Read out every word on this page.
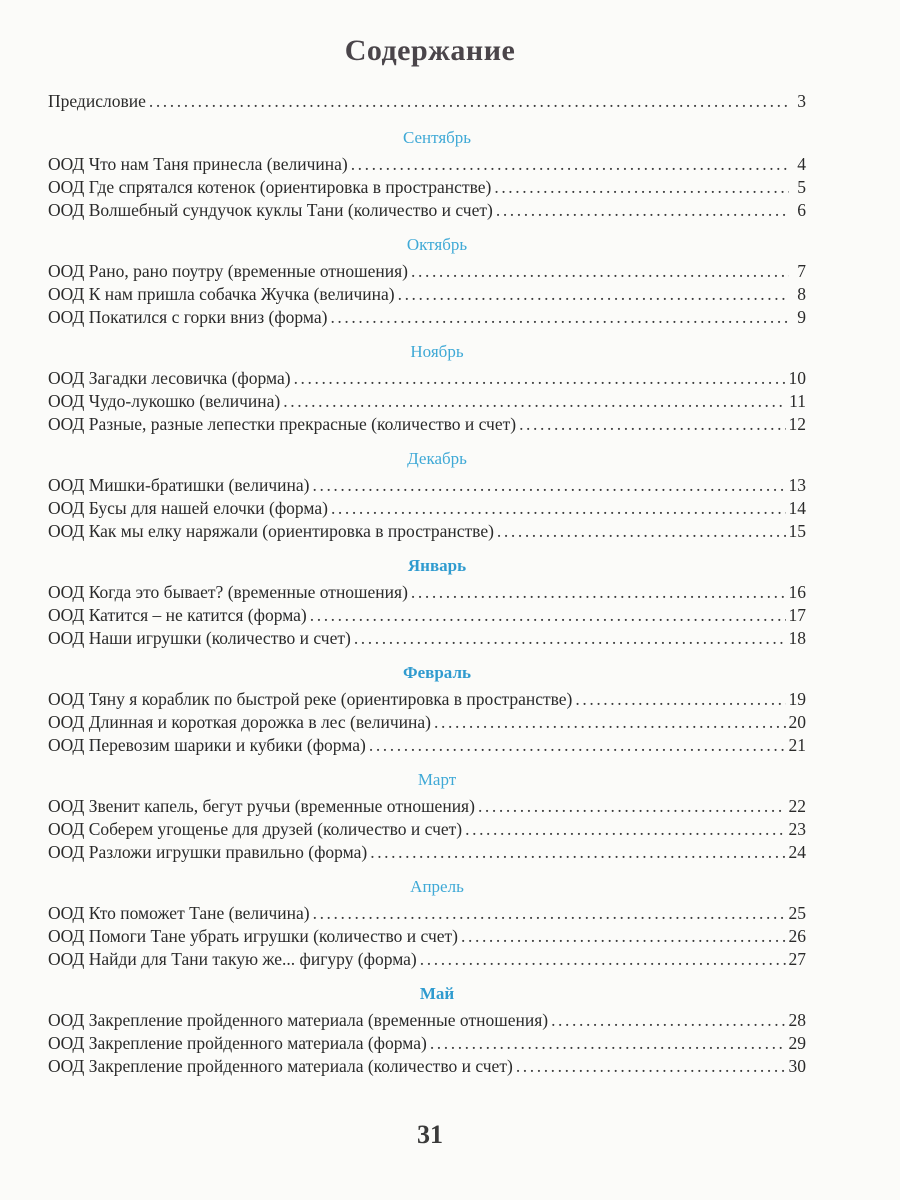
Содержание
Предисловие .....	3
Сентябрь
ООД Что нам Таня принесла (величина) .....	4
ООД Где спрятался котенок (ориентировка в пространстве) .....	5
ООД Волшебный сундучок куклы Тани (количество и счет) .....	6
Октябрь
ООД Рано, рано поутру (временные отношения) .....	7
ООД К нам пришла собачка Жучка (величина) .....	8
ООД Покатился с горки вниз (форма) .....	9
Ноябрь
ООД Загадки лесовичка (форма) .....	10
ООД Чудо-лукошко (величина) .....	11
ООД Разные, разные лепестки прекрасные (количество и счет) .....	12
Декабрь
ООД Мишки-братишки (величина) .....	13
ООД Бусы для нашей елочки (форма) .....	14
ООД Как мы елку наряжали (ориентировка в пространстве) .....	15
Январь
ООД Когда это бывает? (временные отношения) .....	16
ООД Катится – не катится (форма) .....	17
ООД Наши игрушки (количество и счет) .....	18
Февраль
ООД Тяну я кораблик по быстрой реке (ориентировка в пространстве) .....	19
ООД Длинная и короткая дорожка в лес (величина) .....	20
ООД Перевозим шарики и кубики (форма) .....	21
Март
ООД Звенит капель, бегут ручьи (временные отношения) .....	22
ООД Соберем угощенье для друзей (количество и счет) .....	23
ООД Разложи игрушки правильно (форма) .....	24
Апрель
ООД Кто поможет Тане (величина) .....	25
ООД Помоги Тане убрать игрушки (количество и счет) .....	26
ООД Найди для Тани такую же... фигуру (форма) .....	27
Май
ООД Закрепление пройденного материала (временные отношения) .....	28
ООД Закрепление пройденного материала (форма) .....	29
ООД Закрепление пройденного материала (количество и счет) .....	30
31
